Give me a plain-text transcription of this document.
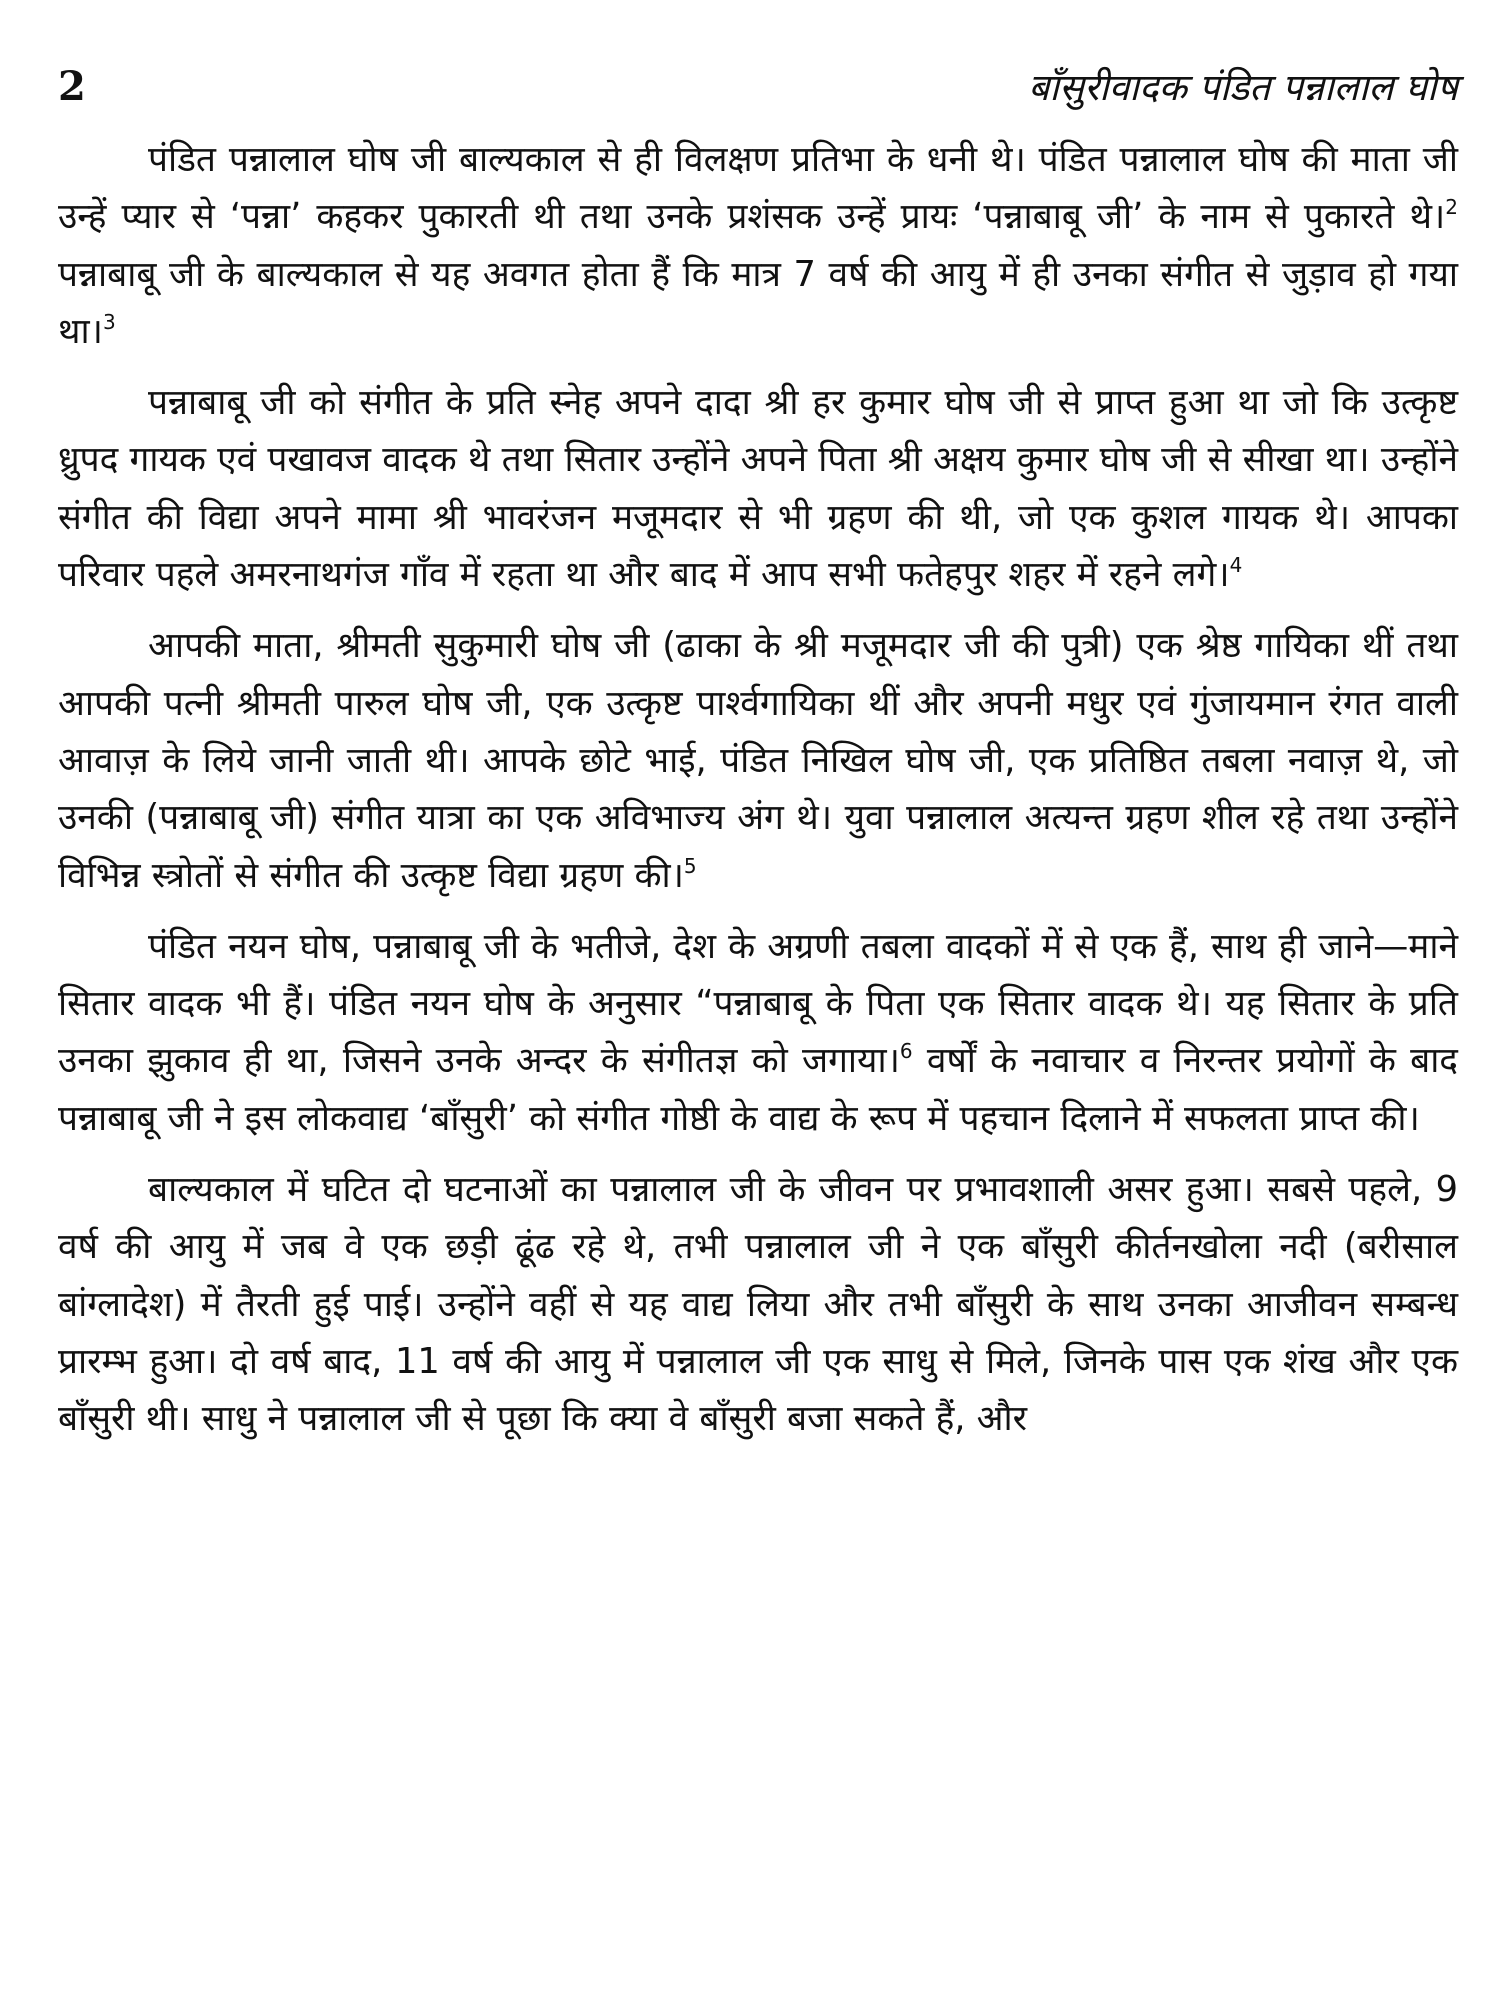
2	बाँसुरीवादक पंडित पन्नालाल घोष

पंडित पन्नालाल घोष जी बाल्यकाल से ही विलक्षण प्रतिभा के धनी थे। पंडित पन्नालाल घोष की माता जी उन्हें प्यार से ‘पन्ना’ कहकर पुकारती थी तथा उनके प्रशंसक उन्हें प्रायः ‘पन्नाबाबू जी’ के नाम से पुकारते थे।$^2$ पन्नाबाबू जी के बाल्यकाल से यह अवगत होता हैं कि मात्र 7 वर्ष की आयु में ही उनका संगीत से जुड़ाव हो गया था।$^3$

पन्नाबाबू जी को संगीत के प्रति स्नेह अपने दादा श्री हर कुमार घोष जी से प्राप्त हुआ था जो कि उत्कृष्ट ध्रुपद गायक एवं पखावज वादक थे तथा सितार उन्होंने अपने पिता श्री अक्षय कुमार घोष जी से सीखा था। उन्होंने संगीत की विद्या अपने मामा श्री भावरंजन मजूमदार से भी ग्रहण की थी, जो एक कुशल गायक थे। आपका परिवार पहले अमरनाथगंज गाँव में रहता था और बाद में आप सभी फतेहपुर शहर में रहने लगे।$^4$

आपकी माता, श्रीमती सुकुमारी घोष जी (ढाका के श्री मजूमदार जी की पुत्री) एक श्रेष्ठ गायिका थीं तथा आपकी पत्नी श्रीमती पारुल घोष जी, एक उत्कृष्ट पार्श्वगायिका थीं और अपनी मधुर एवं गुंजायमान रंगत वाली आवाज़ के लिये जानी जाती थी। आपके छोटे भाई, पंडित निखिल घोष जी, एक प्रतिष्ठित तबला नवाज़ थे, जो उनकी (पन्नाबाबू जी) संगीत यात्रा का एक अविभाज्य अंग थे। युवा पन्नालाल अत्यन्त ग्रहण शील रहे तथा उन्होंने विभिन्न स्त्रोतों से संगीत की उत्कृष्ट विद्या ग्रहण की।$^5$

पंडित नयन घोष, पन्नाबाबू जी के भतीजे, देश के अग्रणी तबला वादकों में से एक हैं, साथ ही जाने—माने सितार वादक भी हैं। पंडित नयन घोष के अनुसार “पन्नाबाबू के पिता एक सितार वादक थे। यह सितार के प्रति उनका झुकाव ही था, जिसने उनके अन्दर के संगीतज्ञ को जगाया।$^6$ वर्षों के नवाचार व निरन्तर प्रयोगों के बाद पन्नाबाबू जी ने इस लोकवाद्य ‘बाँसुरी’ को संगीत गोष्ठी के वाद्य के रूप में पहचान दिलाने में सफलता प्राप्त की।

बाल्यकाल में घटित दो घटनाओं का पन्नालाल जी के जीवन पर प्रभावशाली असर हुआ। सबसे पहले, 9 वर्ष की आयु में जब वे एक छड़ी ढूंढ रहे थे, तभी पन्नालाल जी ने एक बाँसुरी कीर्तनखोला नदी (बरीसाल बांग्लादेश) में तैरती हुई पाई। उन्होंने वहीं से यह वाद्य लिया और तभी बाँसुरी के साथ उनका आजीवन सम्बन्ध प्रारम्भ हुआ। दो वर्ष बाद, 11 वर्ष की आयु में पन्नालाल जी एक साधु से मिले, जिनके पास एक शंख और एक बाँसुरी थी। साधु ने पन्नालाल जी से पूछा कि क्या वे बाँसुरी बजा सकते हैं, और
